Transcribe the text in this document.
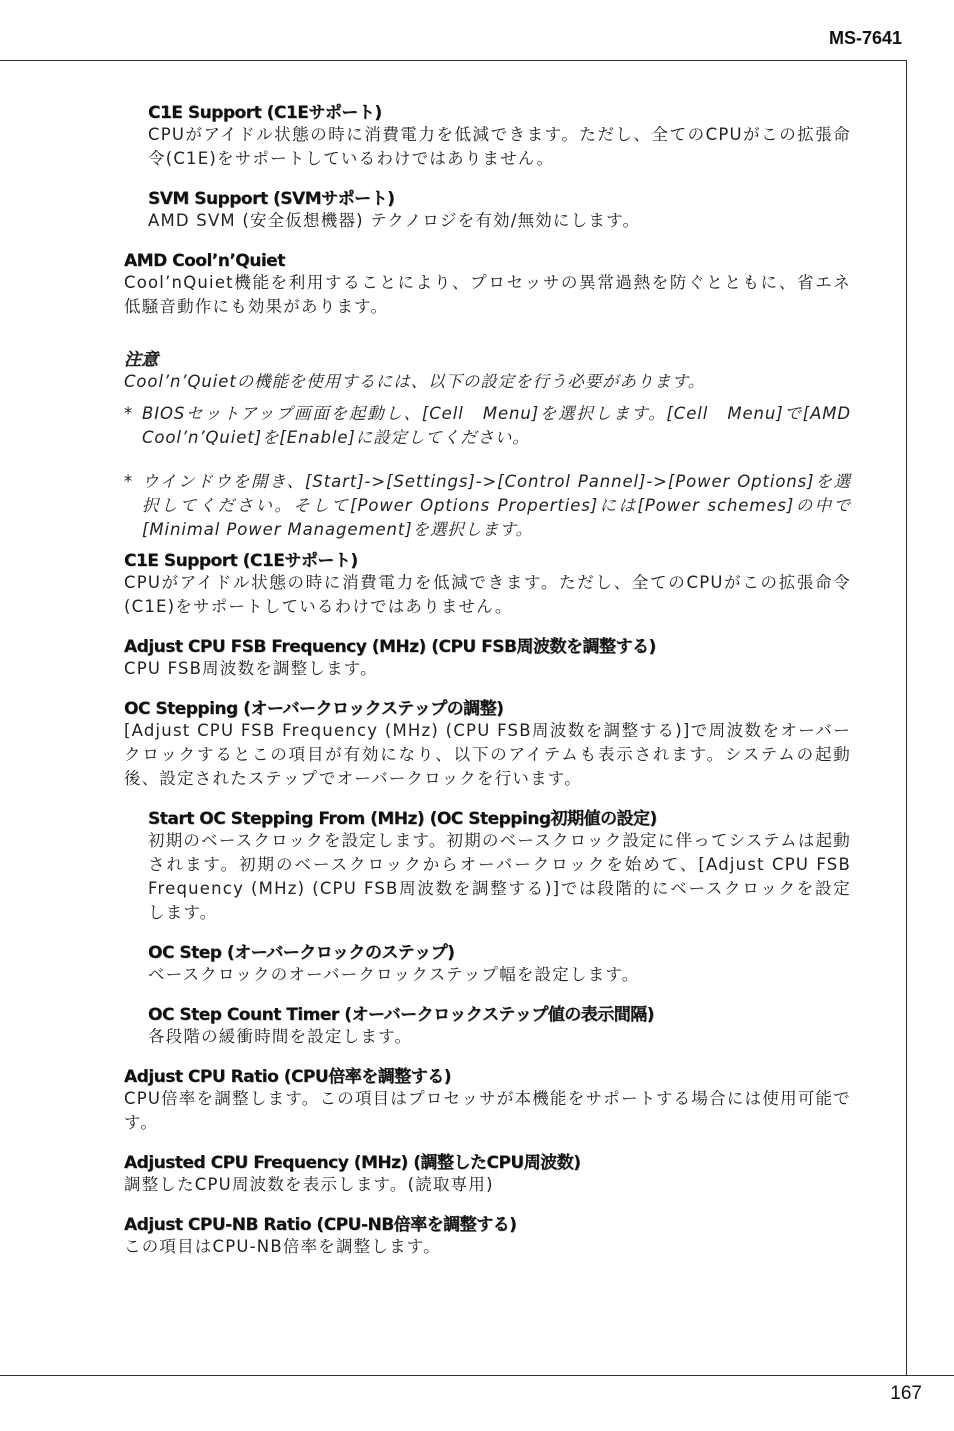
MS-7641
C1E Support (C1Eサポート)

CPUがアイドル状態の時に消費電力を低減できます。ただし、全てのCPUがこの拡張命令(C1E)をサポートしているわけではありません。

SVM Support (SVMサポート)

AMD SVM (安全仮想機器) テクノロジを有効/無効にします。

AMD Cool’n’Quiet

Cool’nQuiet機能を利用することにより、プロセッサの異常過熱を防ぐとともに、省エネ低騒音動作にも効果があります。

注意

Cool’n’Quietの機能を使用するには、以下の設定を行う必要があります。

* BIOSセットアップ画面を起動し、[Cell　Menu]を選択します。[Cell　Menu]で[AMD Cool’n’Quiet]を[Enable]に設定してください。
* ウインドウを開き、[Start]->[Settings]->[Control Pannel]->[Power Options]を選択してください。そして[Power Options Properties]には[Power schemes]の中で[Minimal Power Management]を選択します。
C1E Support (C1Eサポート)

CPUがアイドル状態の時に消費電力を低減できます。ただし、全てのCPUがこの拡張命令(C1E)をサポートしているわけではありません。

Adjust CPU FSB Frequency (MHz) (CPU FSB周波数を調整する)

CPU FSB周波数を調整します。

OC Stepping (オーバークロックステップの調整)

[Adjust CPU FSB Frequency (MHz) (CPU FSB周波数を調整する)]で周波数をオーバークロックするとこの項目が有効になり、以下のアイテムも表示されます。システムの起動後、設定されたステップでオーバークロックを行います。

Start OC Stepping From (MHz) (OC Stepping初期値の設定)

初期のベースクロックを設定します。初期のベースクロック設定に伴ってシステムは起動されます。初期のベースクロックからオーバークロックを始めて、[Adjust CPU FSB Frequency (MHz) (CPU FSB周波数を調整する)]では段階的にベースクロックを設定します。

OC Step (オーバークロックのステップ)

ベースクロックのオーバークロックステップ幅を設定します。

OC Step Count Timer (オーバークロックステップ値の表示間隔)

各段階の緩衝時間を設定します。

Adjust CPU Ratio (CPU倍率を調整する)

CPU倍率を調整します。この項目はプロセッサが本機能をサポートする場合には使用可能です。

Adjusted CPU Frequency (MHz) (調整したCPU周波数)

調整したCPU周波数を表示します。(読取専用)

Adjust CPU-NB Ratio (CPU-NB倍率を調整する)

この項目はCPU-NB倍率を調整します。

167
